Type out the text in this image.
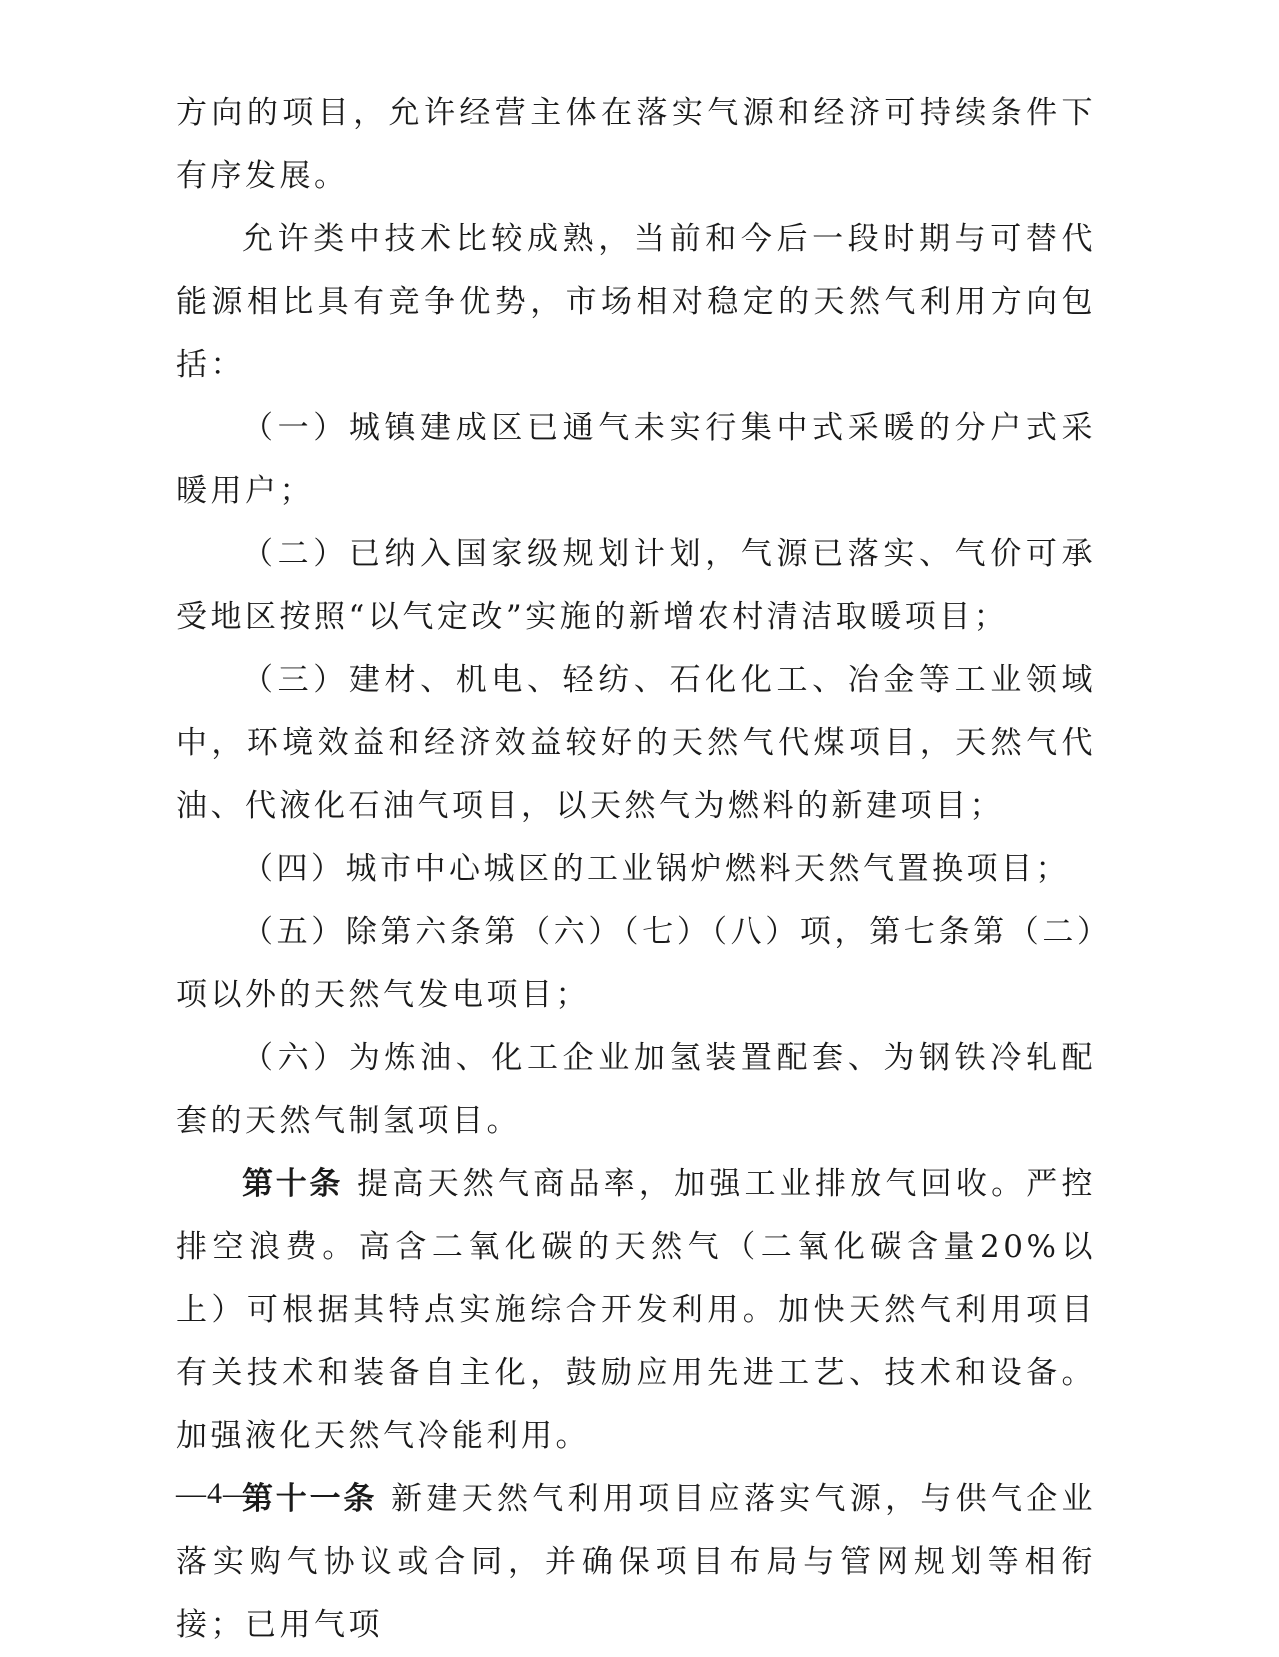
方向的项目，允许经营主体在落实气源和经济可持续条件下有序发展。

允许类中技术比较成熟，当前和今后一段时期与可替代能源相比具有竞争优势，市场相对稳定的天然气利用方向包括：

（一）城镇建成区已通气未实行集中式采暖的分户式采暖用户；

（二）已纳入国家级规划计划，气源已落实、气价可承受地区按照“以气定改”实施的新增农村清洁取暖项目；

（三）建材、机电、轻纺、石化化工、冶金等工业领域中，环境效益和经济效益较好的天然气代煤项目，天然气代油、代液化石油气项目，以天然气为燃料的新建项目；

（四）城市中心城区的工业锅炉燃料天然气置换项目；

（五）除第六条第（六）（七）（八）项，第七条第（二）项以外的天然气发电项目；

（六）为炼油、化工企业加氢装置配套、为钢铁冷轧配套的天然气制氢项目。

第十条 提高天然气商品率，加强工业排放气回收。严控排空浪费。高含二氧化碳的天然气（二氧化碳含量20%以上）可根据其特点实施综合开发利用。加快天然气利用项目有关技术和装备自主化，鼓励应用先进工艺、技术和设备。加强液化天然气冷能利用。

第十一条 新建天然气利用项目应落实气源，与供气企业落实购气协议或合同，并确保项目布局与管网规划等相衔接；已用气项

—4—
